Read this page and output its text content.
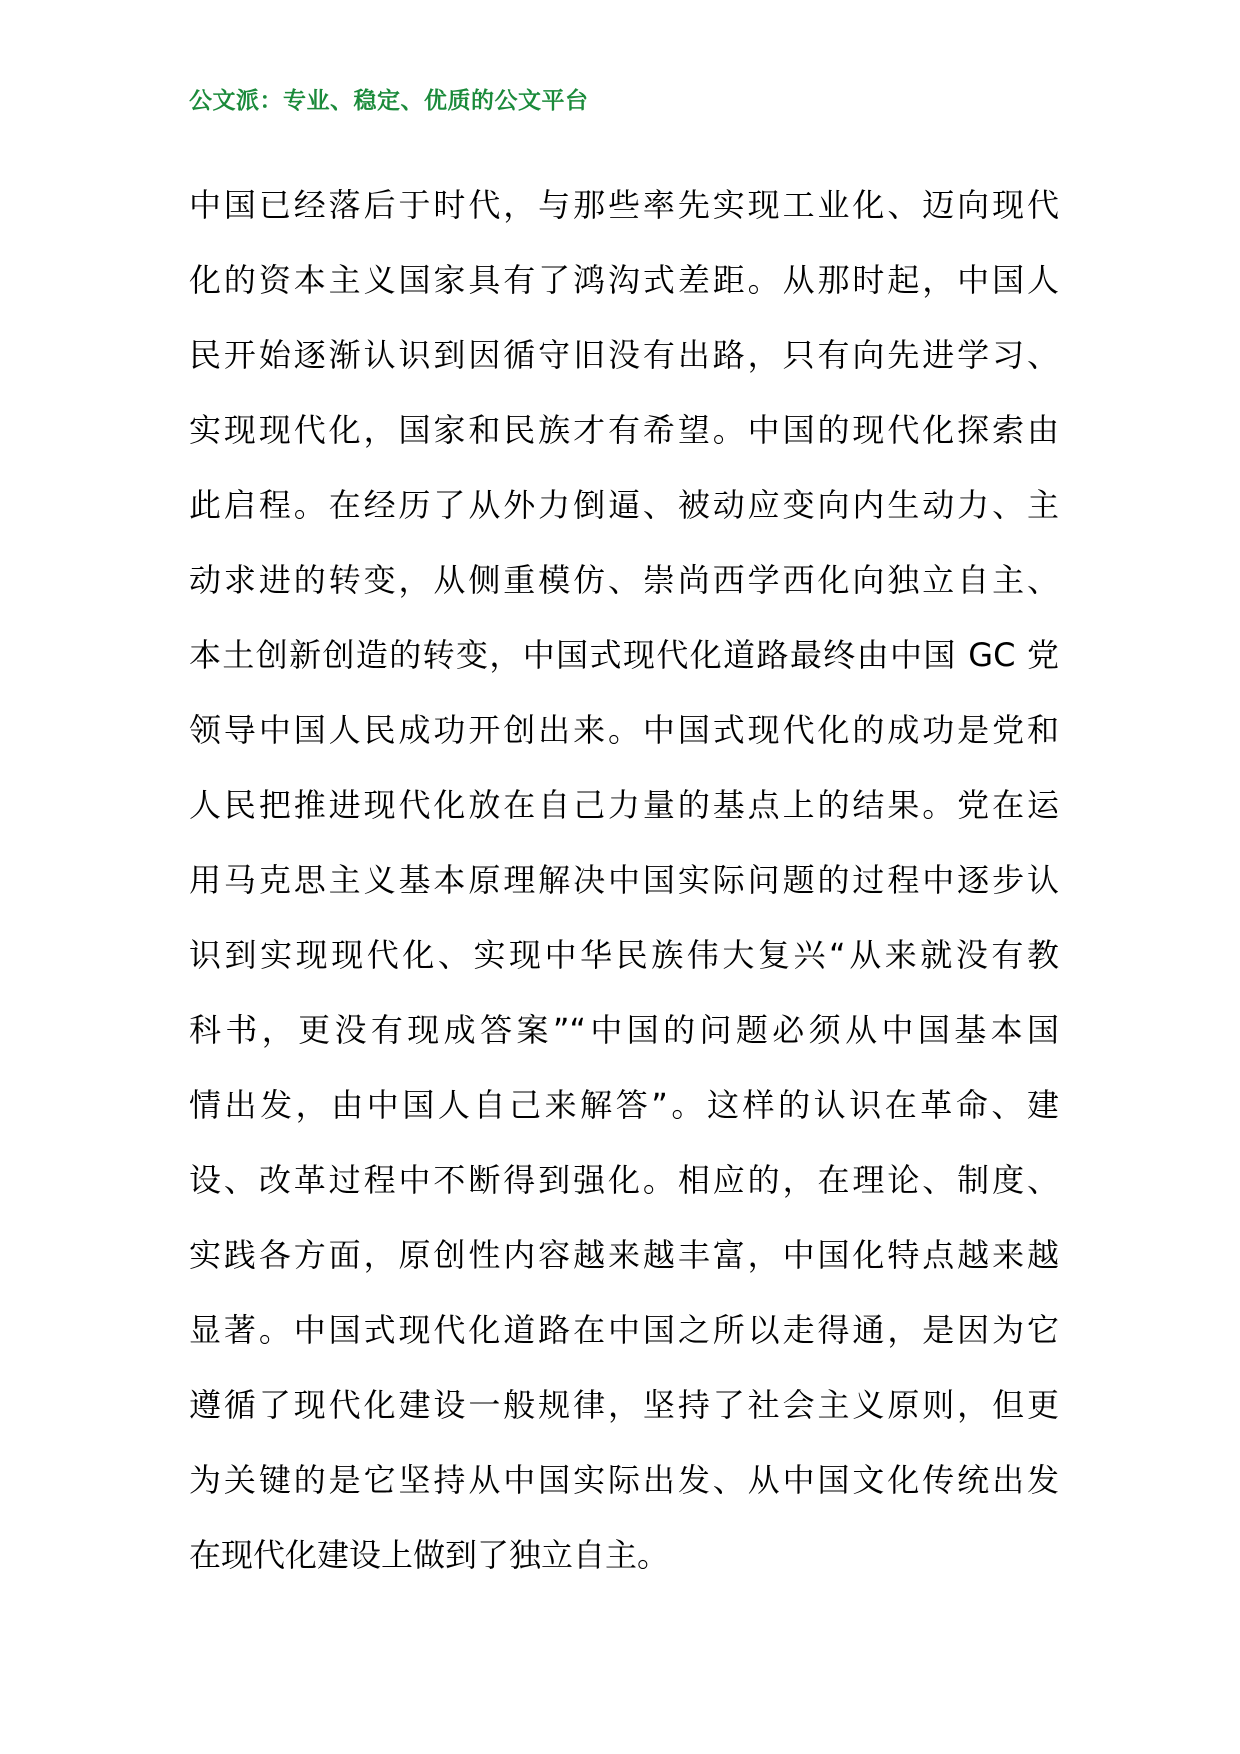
公文派：专业、稳定、优质的公文平台
中国已经落后于时代，与那些率先实现工业化、迈向现代
化的资本主义国家具有了鸿沟式差距。从那时起，中国人
民开始逐渐认识到因循守旧没有出路，只有向先进学习、
实现现代化，国家和民族才有希望。中国的现代化探索由
此启程。在经历了从外力倒逼、被动应变向内生动力、主
动求进的转变，从侧重模仿、崇尚西学西化向独立自主、
本土创新创造的转变，中国式现代化道路最终由中国 GC 党
领导中国人民成功开创出来。中国式现代化的成功是党和
人民把推进现代化放在自己力量的基点上的结果。党在运
用马克思主义基本原理解决中国实际问题的过程中逐步认
识到实现现代化、实现中华民族伟大复兴“从来就没有教
科书，更没有现成答案”“中国的问题必须从中国基本国
情出发，由中国人自己来解答”。这样的认识在革命、建
设、改革过程中不断得到强化。相应的，在理论、制度、
实践各方面，原创性内容越来越丰富，中国化特点越来越
显著。中国式现代化道路在中国之所以走得通，是因为它
遵循了现代化建设一般规律，坚持了社会主义原则，但更
为关键的是它坚持从中国实际出发、从中国文化传统出发
在现代化建设上做到了独立自主。
